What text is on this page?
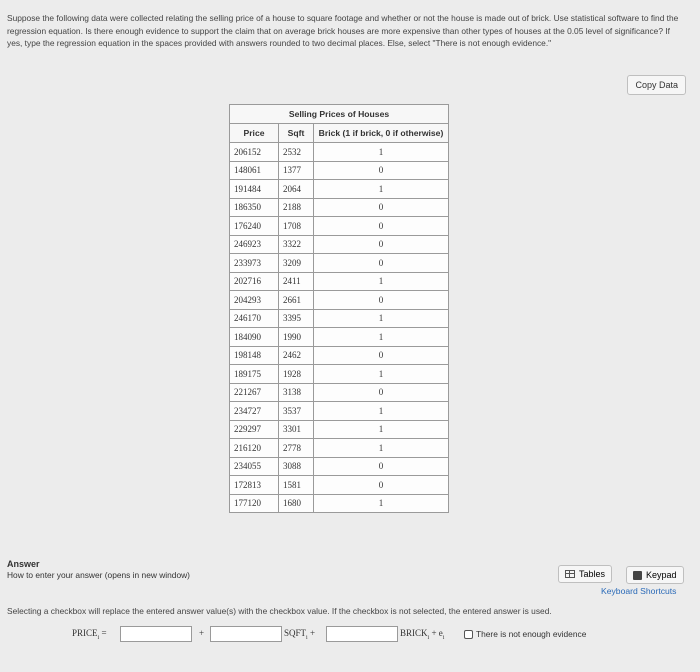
Suppose the following data were collected relating the selling price of a house to square footage and whether or not the house is made out of brick. Use statistical software to find the regression equation. Is there enough evidence to support the claim that on average brick houses are more expensive than other types of houses at the 0.05 level of significance? If yes, type the regression equation in the spaces provided with answers rounded to two decimal places. Else, select "There is not enough evidence."
Copy Data
Selling Prices of Houses		
Price	Sqft	Brick (1 if brick, 0 if otherwise)
206152	2532	1
148061	1377	0
191484	2064	1
186350	2188	0
176240	1708	0
246923	3322	0
233973	3209	0
202716	2411	1
204293	2661	0
246170	3395	1
184090	1990	1
198148	2462	0
189175	1928	1
221267	3138	0
234727	3537	1
229297	3301	1
216120	2778	1
234055	3088	0
172813	1581	0
177120	1680	1
Answer
How to enter your answer (opens in new window)	Tables	Keypad
Keyboard Shortcuts
Selecting a checkbox will replace the entered answer value(s) with the checkbox value. If the checkbox is not selected, the entered answer is used.
$PRICE_i$ =	+	$SQFT_i$ +	$BRICK_i + e_i$	There is not enough evidence
